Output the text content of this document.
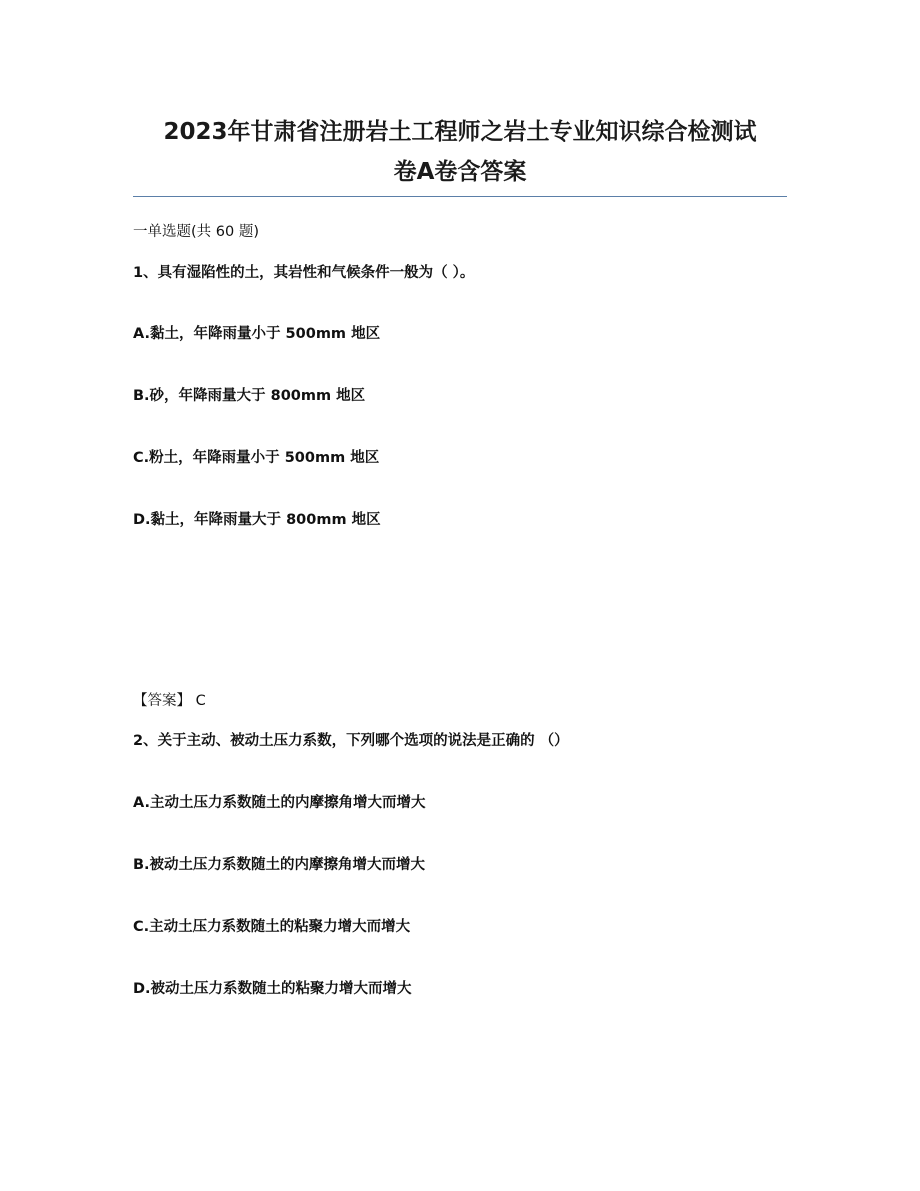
2023年甘肃省注册岩土工程师之岩土专业知识综合检测试
卷A卷含答案
一单选题(共 60 题)
1、具有湿陷性的土，其岩性和气候条件一般为（ ）。
A.黏土，年降雨量小于 500mm 地区
B.砂，年降雨量大于 800mm 地区
C.粉土，年降雨量小于 500mm 地区
D.黏土，年降雨量大于 800mm 地区
【答案】 C
2、关于主动、被动土压力系数，下列哪个选项的说法是正确的 （）
A.主动土压力系数随土的内摩擦角增大而增大
B.被动土压力系数随土的内摩擦角增大而增大
C.主动土压力系数随土的粘聚力增大而增大
D.被动土压力系数随土的粘聚力增大而增大
